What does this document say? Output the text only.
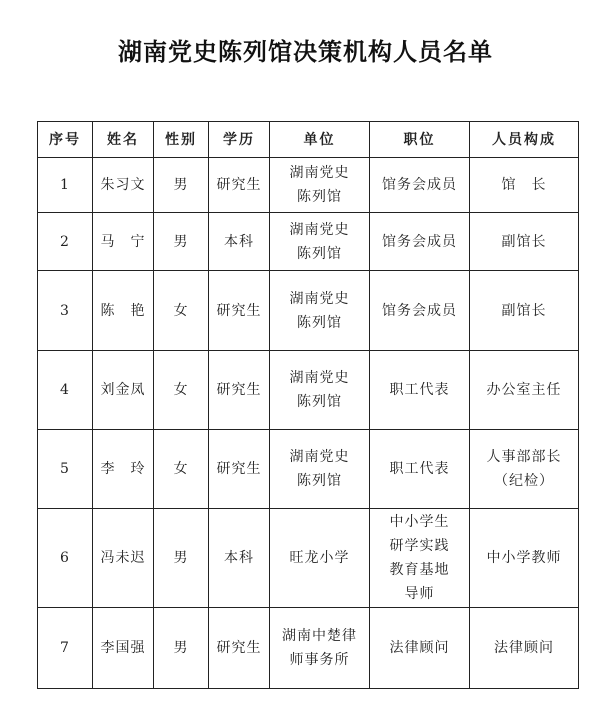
湖南党史陈列馆决策机构人员名单
序号	姓名	性别	学历	单位	职位	人员构成

1	朱习文	男	研究生	湖南党史
陈列馆	馆务会成员	馆　长

2	马　宁	男	本科	湖南党史
陈列馆	馆务会成员	副馆长

3	陈　艳	女	研究生	湖南党史
陈列馆	馆务会成员	副馆长

4	刘金凤	女	研究生	湖南党史
陈列馆	职工代表	办公室主任

5	李　玲	女	研究生	湖南党史
陈列馆	职工代表	人事部部长
（纪检）

6	冯未迟	男	本科	旺龙小学	中小学生
研学实践
教育基地
导师	中小学教师

7	李国强	男	研究生	湖南中楚律
师事务所	法律顾问	法律顾问
